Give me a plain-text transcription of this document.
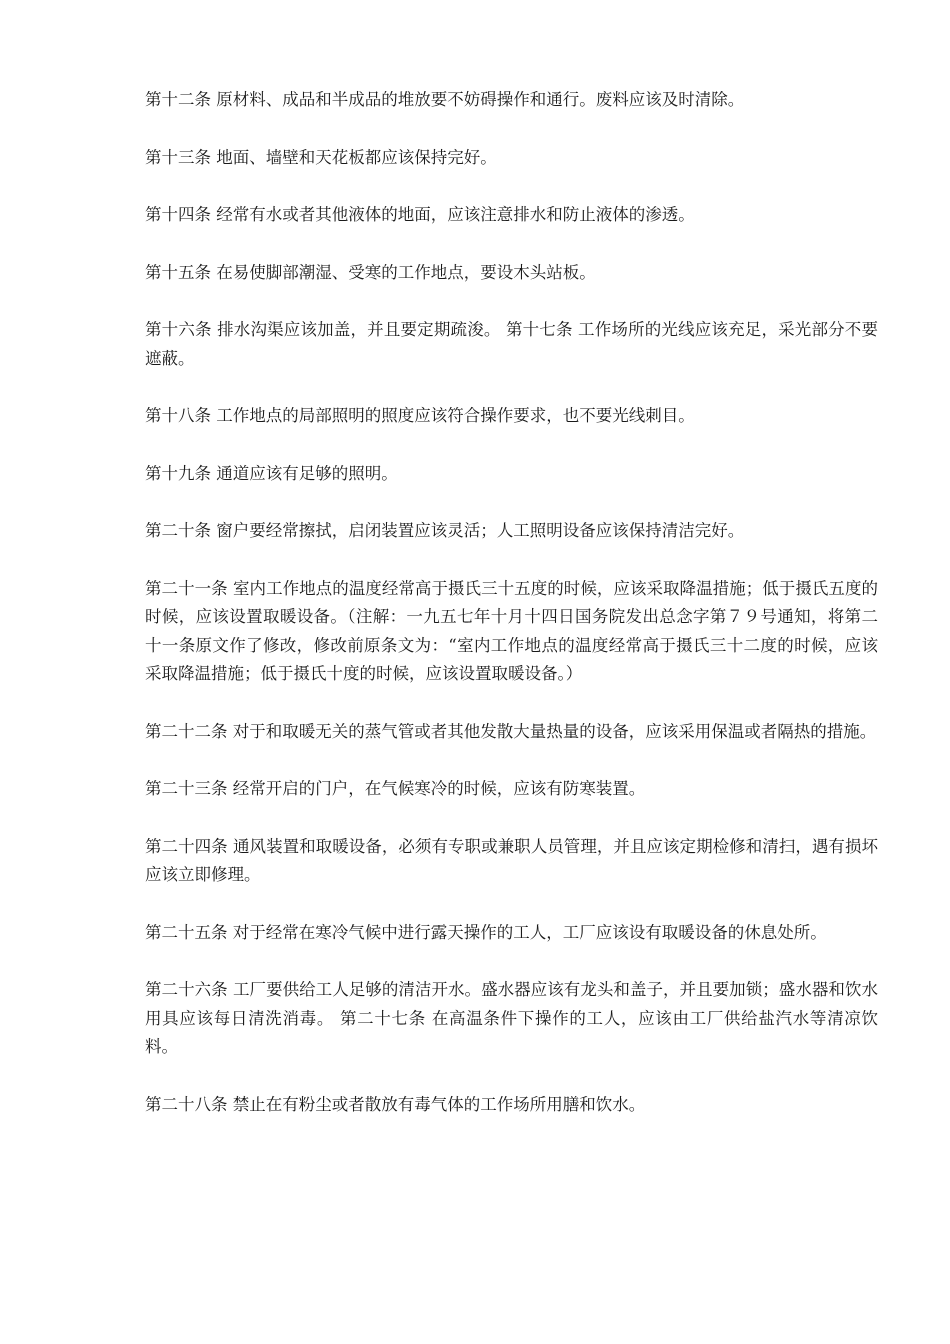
第十二条 原材料、成品和半成品的堆放要不妨碍操作和通行。废料应该及时清除。

第十三条 地面、墙壁和天花板都应该保持完好。

第十四条 经常有水或者其他液体的地面，应该注意排水和防止液体的渗透。

第十五条 在易使脚部潮湿、受寒的工作地点，要设木头站板。

第十六条 排水沟渠应该加盖，并且要定期疏浚。 第十七条 工作场所的光线应该充足，采光部分不要遮蔽。

第十八条 工作地点的局部照明的照度应该符合操作要求，也不要光线刺目。

第十九条 通道应该有足够的照明。

第二十条 窗户要经常擦拭，启闭装置应该灵活；人工照明设备应该保持清洁完好。

第二十一条 室内工作地点的温度经常高于摄氏三十五度的时候，应该采取降温措施；低于摄氏五度的时候，应该设置取暖设备。（注解：一九五七年十月十四日国务院发出总念字第７９号通知，将第二十一条原文作了修改，修改前原条文为：“室内工作地点的温度经常高于摄氏三十二度的时候，应该采取降温措施；低于摄氏十度的时候，应该设置取暖设备。）

第二十二条 对于和取暖无关的蒸气管或者其他发散大量热量的设备，应该采用保温或者隔热的措施。

第二十三条 经常开启的门户，在气候寒冷的时候，应该有防寒装置。

第二十四条 通风装置和取暖设备，必须有专职或兼职人员管理，并且应该定期检修和清扫，遇有损坏应该立即修理。

第二十五条 对于经常在寒冷气候中进行露天操作的工人，工厂应该设有取暖设备的休息处所。

第二十六条 工厂要供给工人足够的清洁开水。盛水器应该有龙头和盖子，并且要加锁；盛水器和饮水用具应该每日清洗消毒。 第二十七条 在高温条件下操作的工人，应该由工厂供给盐汽水等清凉饮料。

第二十八条 禁止在有粉尘或者散放有毒气体的工作场所用膳和饮水。
